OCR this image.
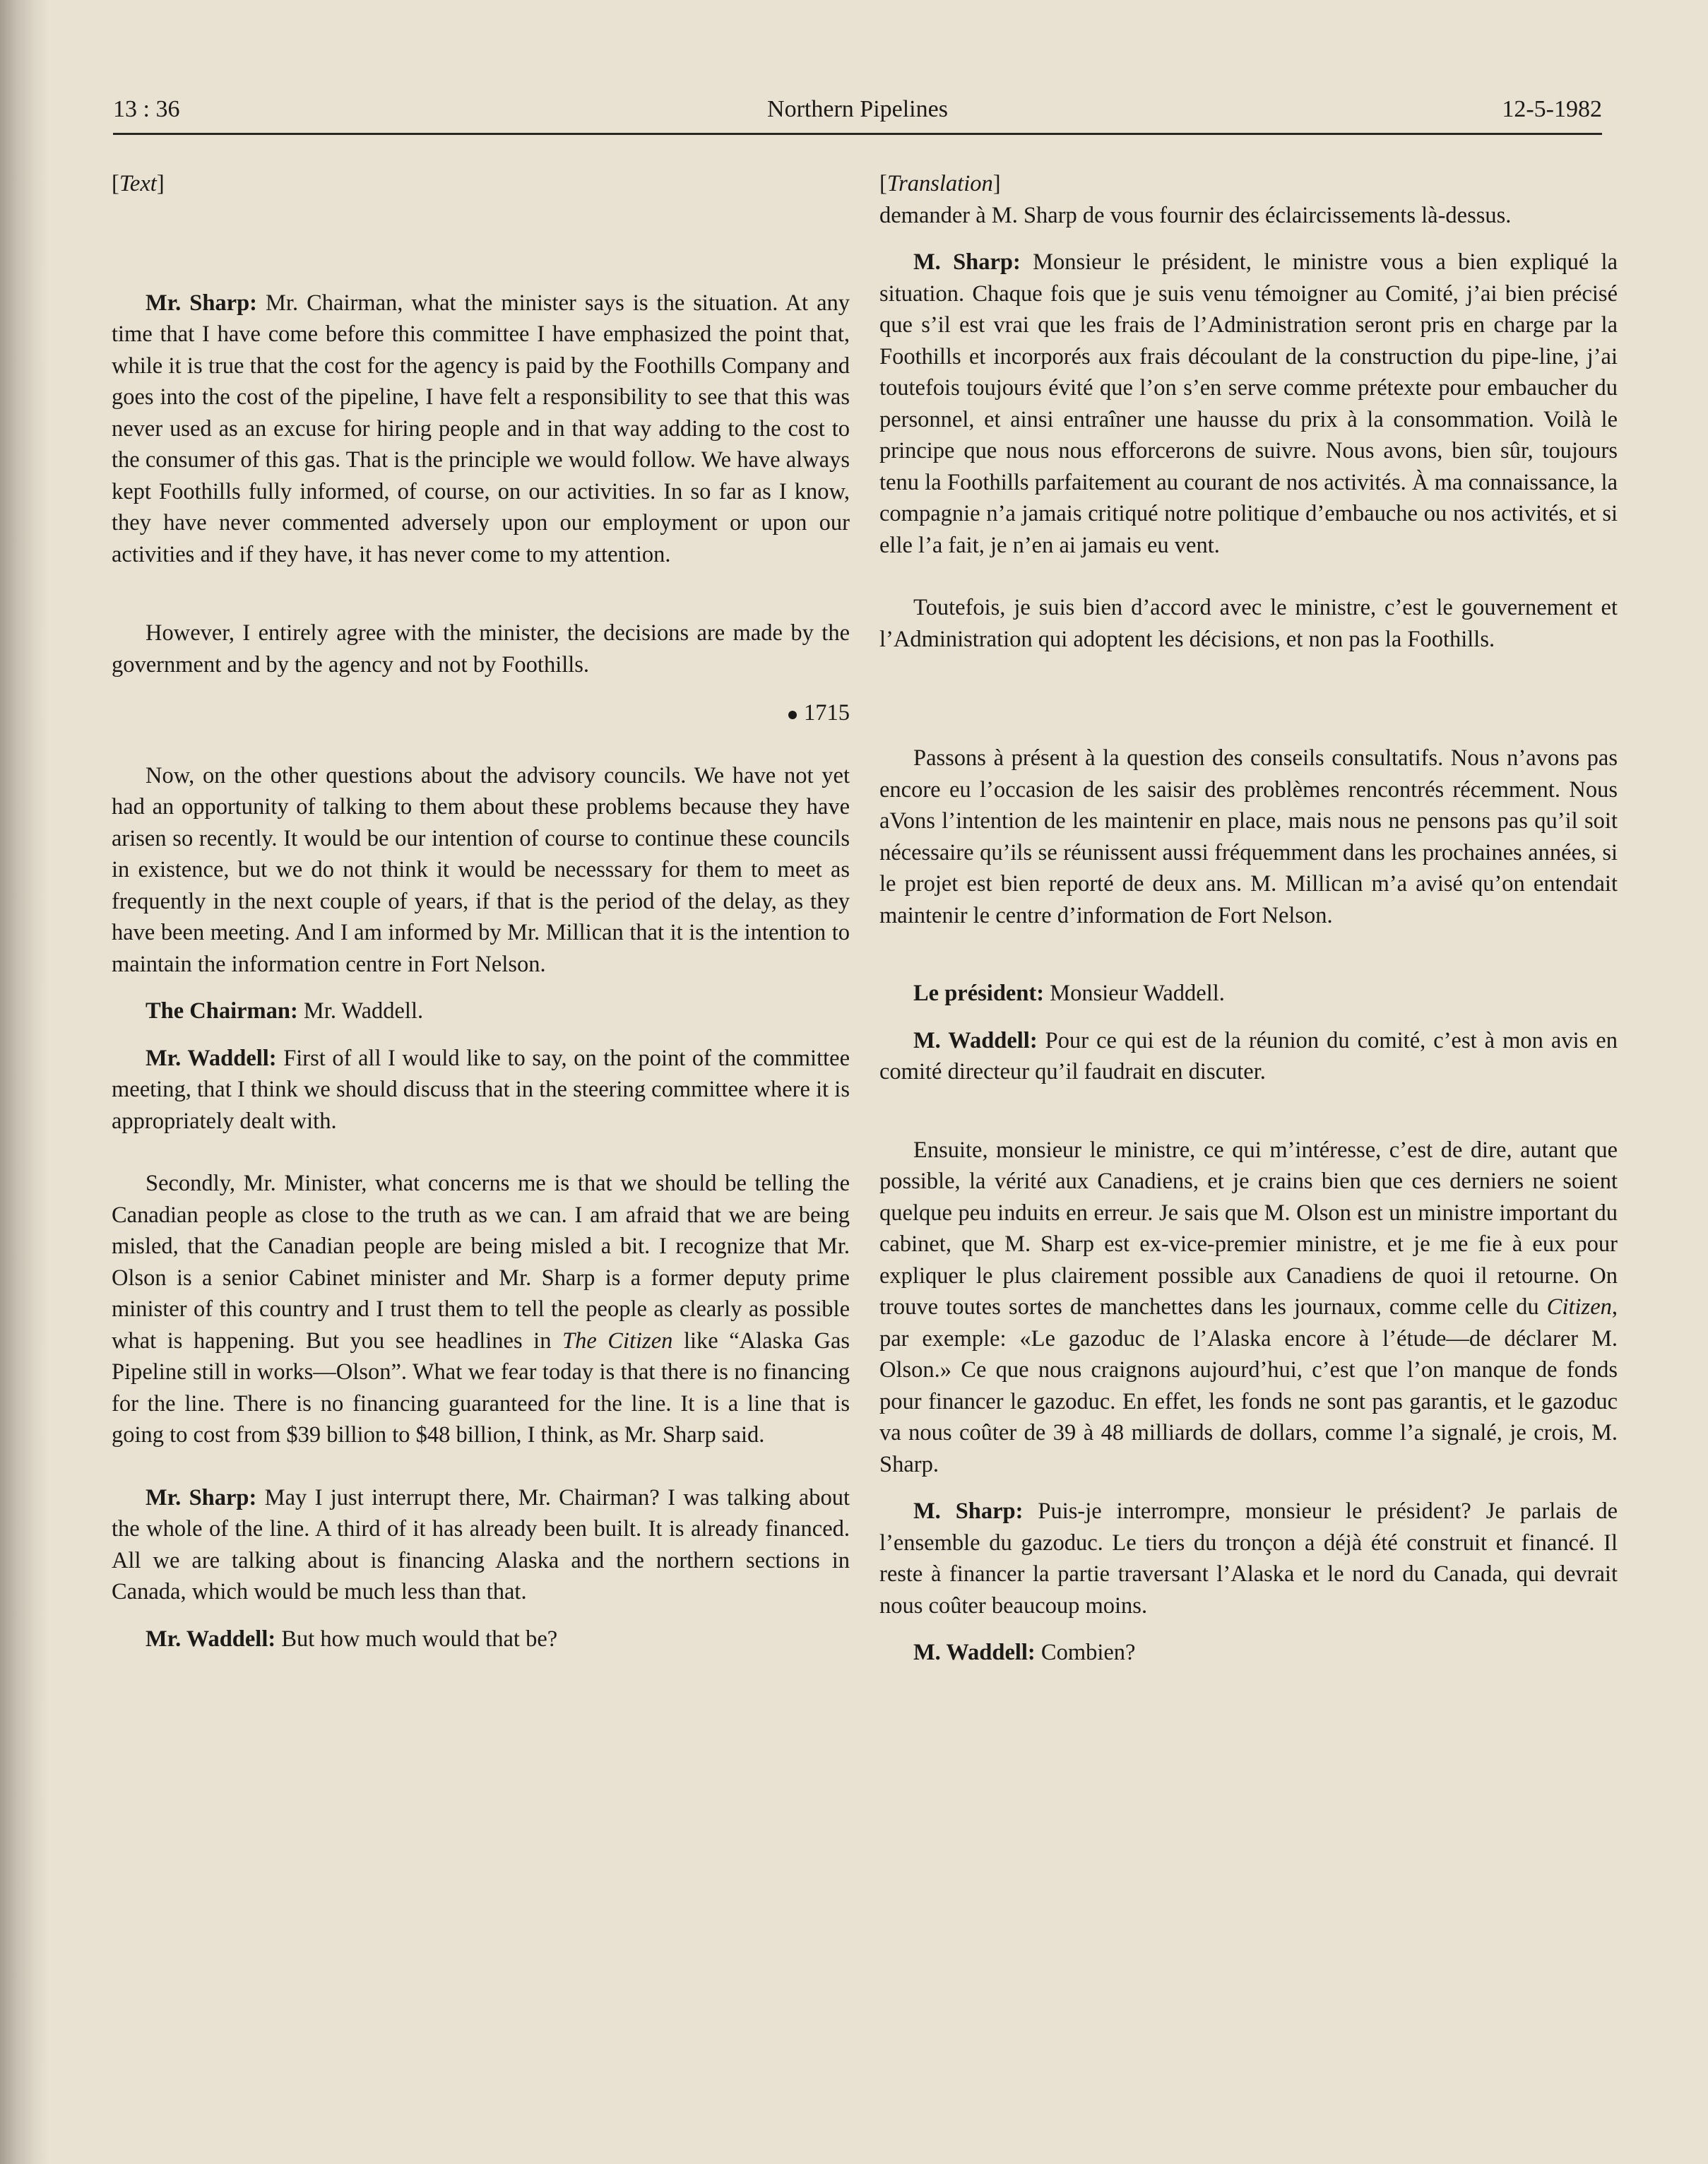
13 : 36	Northern Pipelines	12-5-1982

[Text]

Mr. Sharp: Mr. Chairman, what the minister says is the situation. At any time that I have come before this committee I have emphasized the point that, while it is true that the cost for the agency is paid by the Foothills Company and goes into the cost of the pipeline, I have felt a responsibility to see that this was never used as an excuse for hiring people and in that way adding to the cost to the consumer of this gas. That is the principle we would follow. We have always kept Foothills fully informed, of course, on our activities. In so far as I know, they have never commented adversely upon our employment or upon our activities and if they have, it has never come to my attention.

However, I entirely agree with the minister, the decisions are made by the government and by the agency and not by Foothills.

1715

Now, on the other questions about the advisory councils. We have not yet had an opportunity of talking to them about these problems because they have arisen so recently. It would be our intention of course to continue these councils in existence, but we do not think it would be necesssary for them to meet as frequently in the next couple of years, if that is the period of the delay, as they have been meeting. And I am informed by Mr. Millican that it is the intention to maintain the information centre in Fort Nelson.

The Chairman: Mr. Waddell.

Mr. Waddell: First of all I would like to say, on the point of the committee meeting, that I think we should discuss that in the steering committee where it is appropriately dealt with.

Secondly, Mr. Minister, what concerns me is that we should be telling the Canadian people as close to the truth as we can. I am afraid that we are being misled, that the Canadian people are being misled a bit. I recognize that Mr. Olson is a senior Cabinet minister and Mr. Sharp is a former deputy prime minister of this country and I trust them to tell the people as clearly as possible what is happening. But you see headlines in The Citizen like “Alaska Gas Pipeline still in works—Olson”. What we fear today is that there is no financing for the line. There is no financing guaranteed for the line. It is a line that is going to cost from $39 billion to $48 billion, I think, as Mr. Sharp said.

Mr. Sharp: May I just interrupt there, Mr. Chairman? I was talking about the whole of the line. A third of it has already been built. It is already financed. All we are talking about is financing Alaska and the northern sections in Canada, which would be much less than that.

Mr. Waddell: But how much would that be?

[Translation]

demander à M. Sharp de vous fournir des éclaircissements là-dessus.

M. Sharp: Monsieur le président, le ministre vous a bien expliqué la situation. Chaque fois que je suis venu témoigner au Comité, j’ai bien précisé que s’il est vrai que les frais de l’Administration seront pris en charge par la Foothills et incorporés aux frais découlant de la construction du pipe-line, j’ai toutefois toujours évité que l’on s’en serve comme prétexte pour embaucher du personnel, et ainsi entraîner une hausse du prix à la consommation. Voilà le principe que nous nous efforcerons de suivre. Nous avons, bien sûr, toujours tenu la Foothills parfaitement au courant de nos activités. À ma connaissance, la compagnie n’a jamais critiqué notre politique d’embauche ou nos activités, et si elle l’a fait, je n’en ai jamais eu vent.

Toutefois, je suis bien d’accord avec le ministre, c’est le gouvernement et l’Administration qui adoptent les décisions, et non pas la Foothills.

Passons à présent à la question des conseils consultatifs. Nous n’avons pas encore eu l’occasion de les saisir des problèmes rencontrés récemment. Nous aVons l’intention de les maintenir en place, mais nous ne pensons pas qu’il soit nécessaire qu’ils se réunissent aussi fréquemment dans les prochaines années, si le projet est bien reporté de deux ans. M. Millican m’a avisé qu’on entendait maintenir le centre d’information de Fort Nelson.

Le président: Monsieur Waddell.

M. Waddell: Pour ce qui est de la réunion du comité, c’est à mon avis en comité directeur qu’il faudrait en discuter.

Ensuite, monsieur le ministre, ce qui m’intéresse, c’est de dire, autant que possible, la vérité aux Canadiens, et je crains bien que ces derniers ne soient quelque peu induits en erreur. Je sais que M. Olson est un ministre important du cabinet, que M. Sharp est ex-vice-premier ministre, et je me fie à eux pour expliquer le plus clairement possible aux Canadiens de quoi il retourne. On trouve toutes sortes de manchettes dans les journaux, comme celle du Citizen, par exemple: «Le gazoduc de l’Alaska encore à l’étude—de déclarer M. Olson.» Ce que nous craignons aujourd’hui, c’est que l’on manque de fonds pour financer le gazoduc. En effet, les fonds ne sont pas garantis, et le gazoduc va nous coûter de 39 à 48 milliards de dollars, comme l’a signalé, je crois, M. Sharp.

M. Sharp: Puis-je interrompre, monsieur le président? Je parlais de l’ensemble du gazoduc. Le tiers du tronçon a déjà été construit et financé. Il reste à financer la partie traversant l’Alaska et le nord du Canada, qui devrait nous coûter beaucoup moins.

M. Waddell: Combien?
